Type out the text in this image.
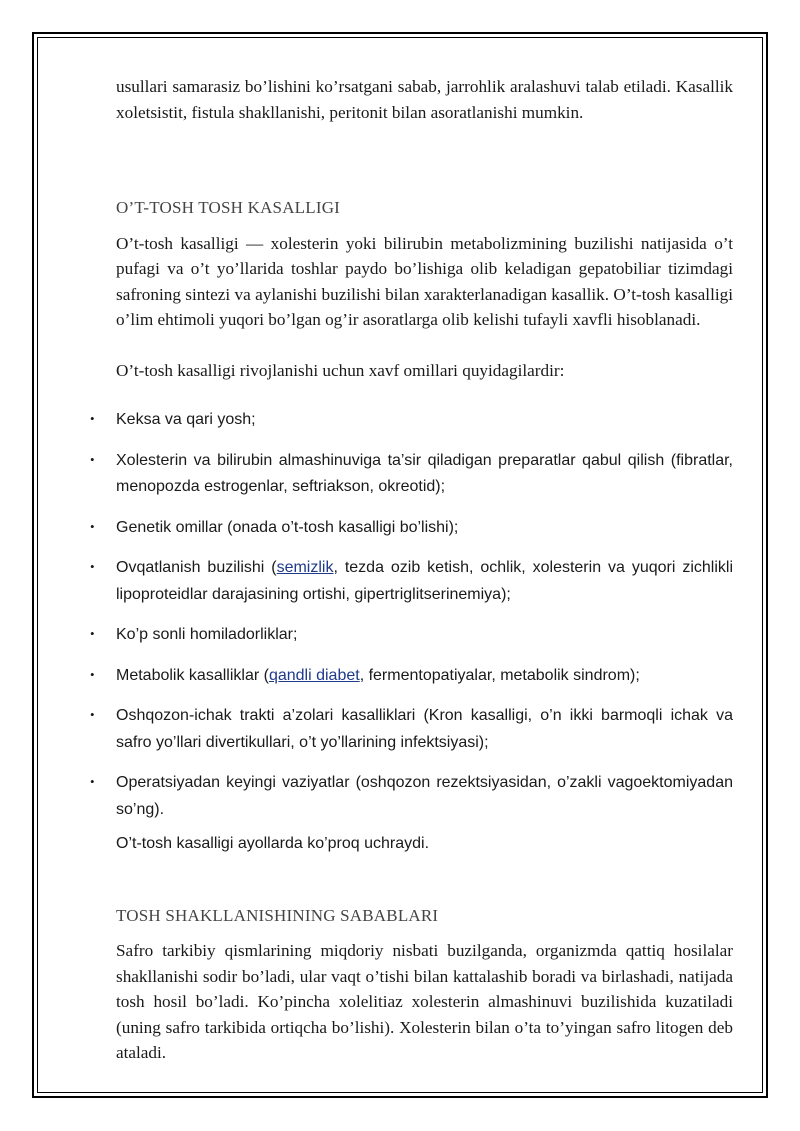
usullari samarasiz bo’lishini ko’rsatgani sabab, jarrohlik aralashuvi talab etiladi. Kasallik xoletsistit, fistula shakllanishi, peritonit bilan asoratlanishi mumkin.

O’T-TOSH TOSH KASALLIGI

O’t-tosh kasalligi — xolesterin yoki bilirubin metabolizmining buzilishi natijasida o’t pufagi va o’t yo’llarida toshlar paydo bo’lishiga olib keladigan gepatobiliar tizimdagi safroning sintezi va aylanishi buzilishi bilan xarakterlanadigan kasallik. O’t-tosh kasalligi o’lim ehtimoli yuqori bo’lgan og’ir asoratlarga olib kelishi tufayli xavfli hisoblanadi.

O’t-tosh kasalligi rivojlanishi uchun xavf omillari quyidagilardir:

• Keksa va qari yosh;
• Xolesterin va bilirubin almashinuviga ta’sir qiladigan preparatlar qabul qilish (fibratlar, menopozda estrogenlar, seftriakson, okreotid);
• Genetik omillar (onada o’t-tosh kasalligi bo’lishi);
• Ovqatlanish buzilishi (semizlik, tezda ozib ketish, ochlik, xolesterin va yuqori zichlikli lipoproteidlar darajasining ortishi, gipertriglitserinemiya);
• Ko’p sonli homiladorliklar;
• Metabolik kasalliklar (qandli diabet, fermentopatiyalar, metabolik sindrom);
• Oshqozon-ichak trakti a’zolari kasalliklari (Kron kasalligi, o’n ikki barmoqli ichak va safro yo’llari divertikullari, o’t yo’llarining infektsiyasi);
• Operatsiyadan keyingi vaziyatlar (oshqozon rezektsiyasidan, o’zakli vagoektomiyadan so’ng).

O’t-tosh kasalligi ayollarda ko’proq uchraydi.

TOSH SHAKLLANISHINING SABABLARI

Safro tarkibiy qismlarining miqdoriy nisbati buzilganda, organizmda qattiq hosilalar shakllanishi sodir bo’ladi, ular vaqt o’tishi bilan kattalashib boradi va birlashadi, natijada tosh hosil bo’ladi. Ko’pincha xolelitiaz xolesterin almashinuvi buzilishida kuzatiladi (uning safro tarkibida ortiqcha bo’lishi). Xolesterin bilan o’ta to’yingan safro litogen deb ataladi.
